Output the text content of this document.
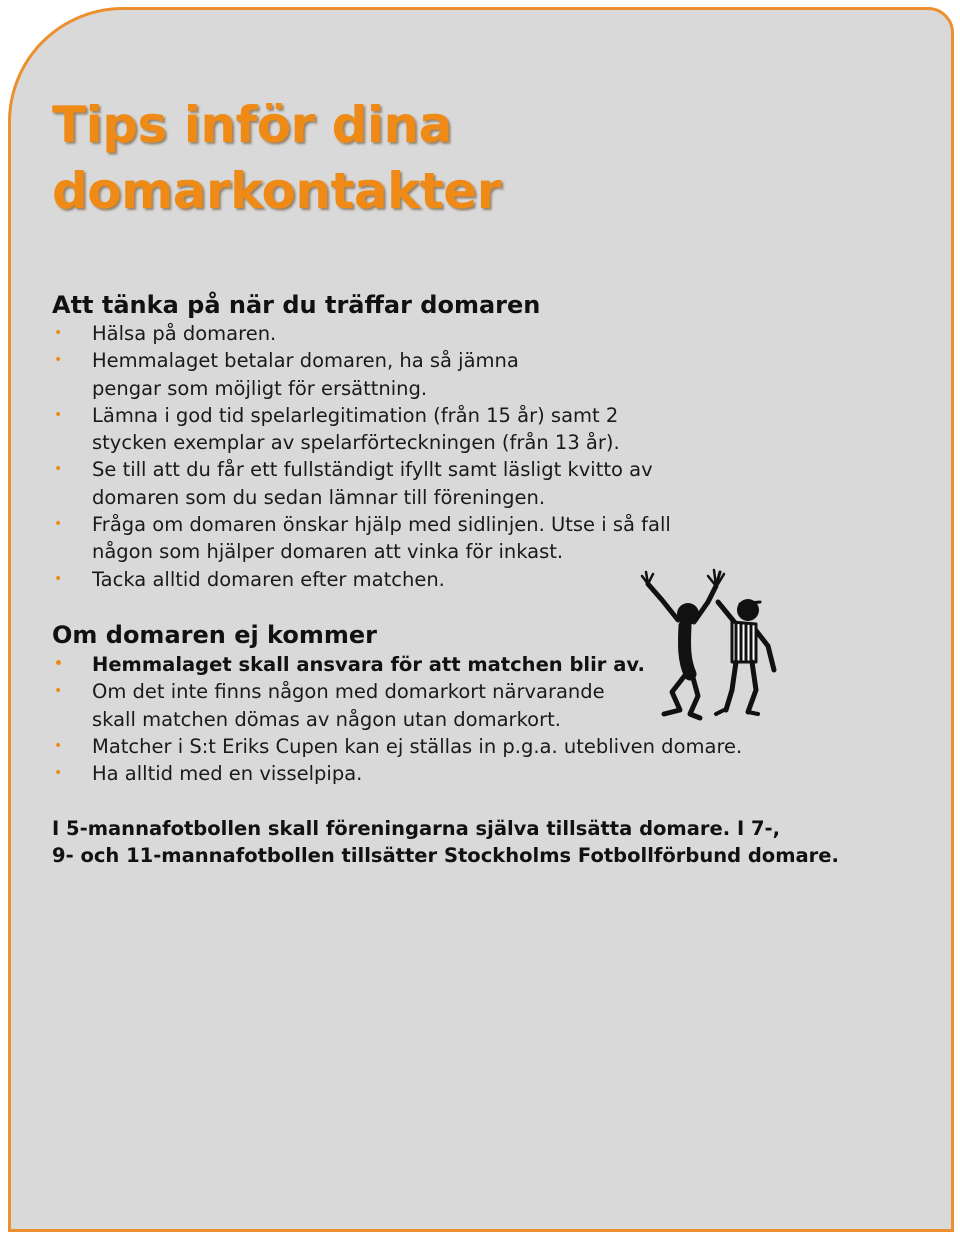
Tips inför dina
domarkontakter
Att tänka på när du träffar domaren
• Hälsa på domaren.
• Hemmalaget betalar domaren, ha så jämna pengar som möjligt för ersättning.
• Lämna i god tid spelarlegitimation (från 15 år) samt 2 stycken exemplar av spelarförteckningen (från 13 år).
• Se till att du får ett fullständigt ifyllt samt läsligt kvitto av domaren som du sedan lämnar till föreningen.
• Fråga om domaren önskar hjälp med sidlinjen. Utse i så fall någon som hjälper domaren att vinka för inkast.
• Tacka alltid domaren efter matchen.
Om domaren ej kommer
• Hemmalaget skall ansvara för att matchen blir av.
• Om det inte finns någon med domarkort närvarande skall matchen dömas av någon utan domarkort.
• Matcher i S:t Eriks Cupen kan ej ställas in p.g.a. utebliven domare.
• Ha alltid med en visselpipa.

I 5-mannafotbollen skall föreningarna själva tillsätta domare. I 7-,
9- och 11-mannafotbollen tillsätter Stockholms Fotbollförbund domare.
